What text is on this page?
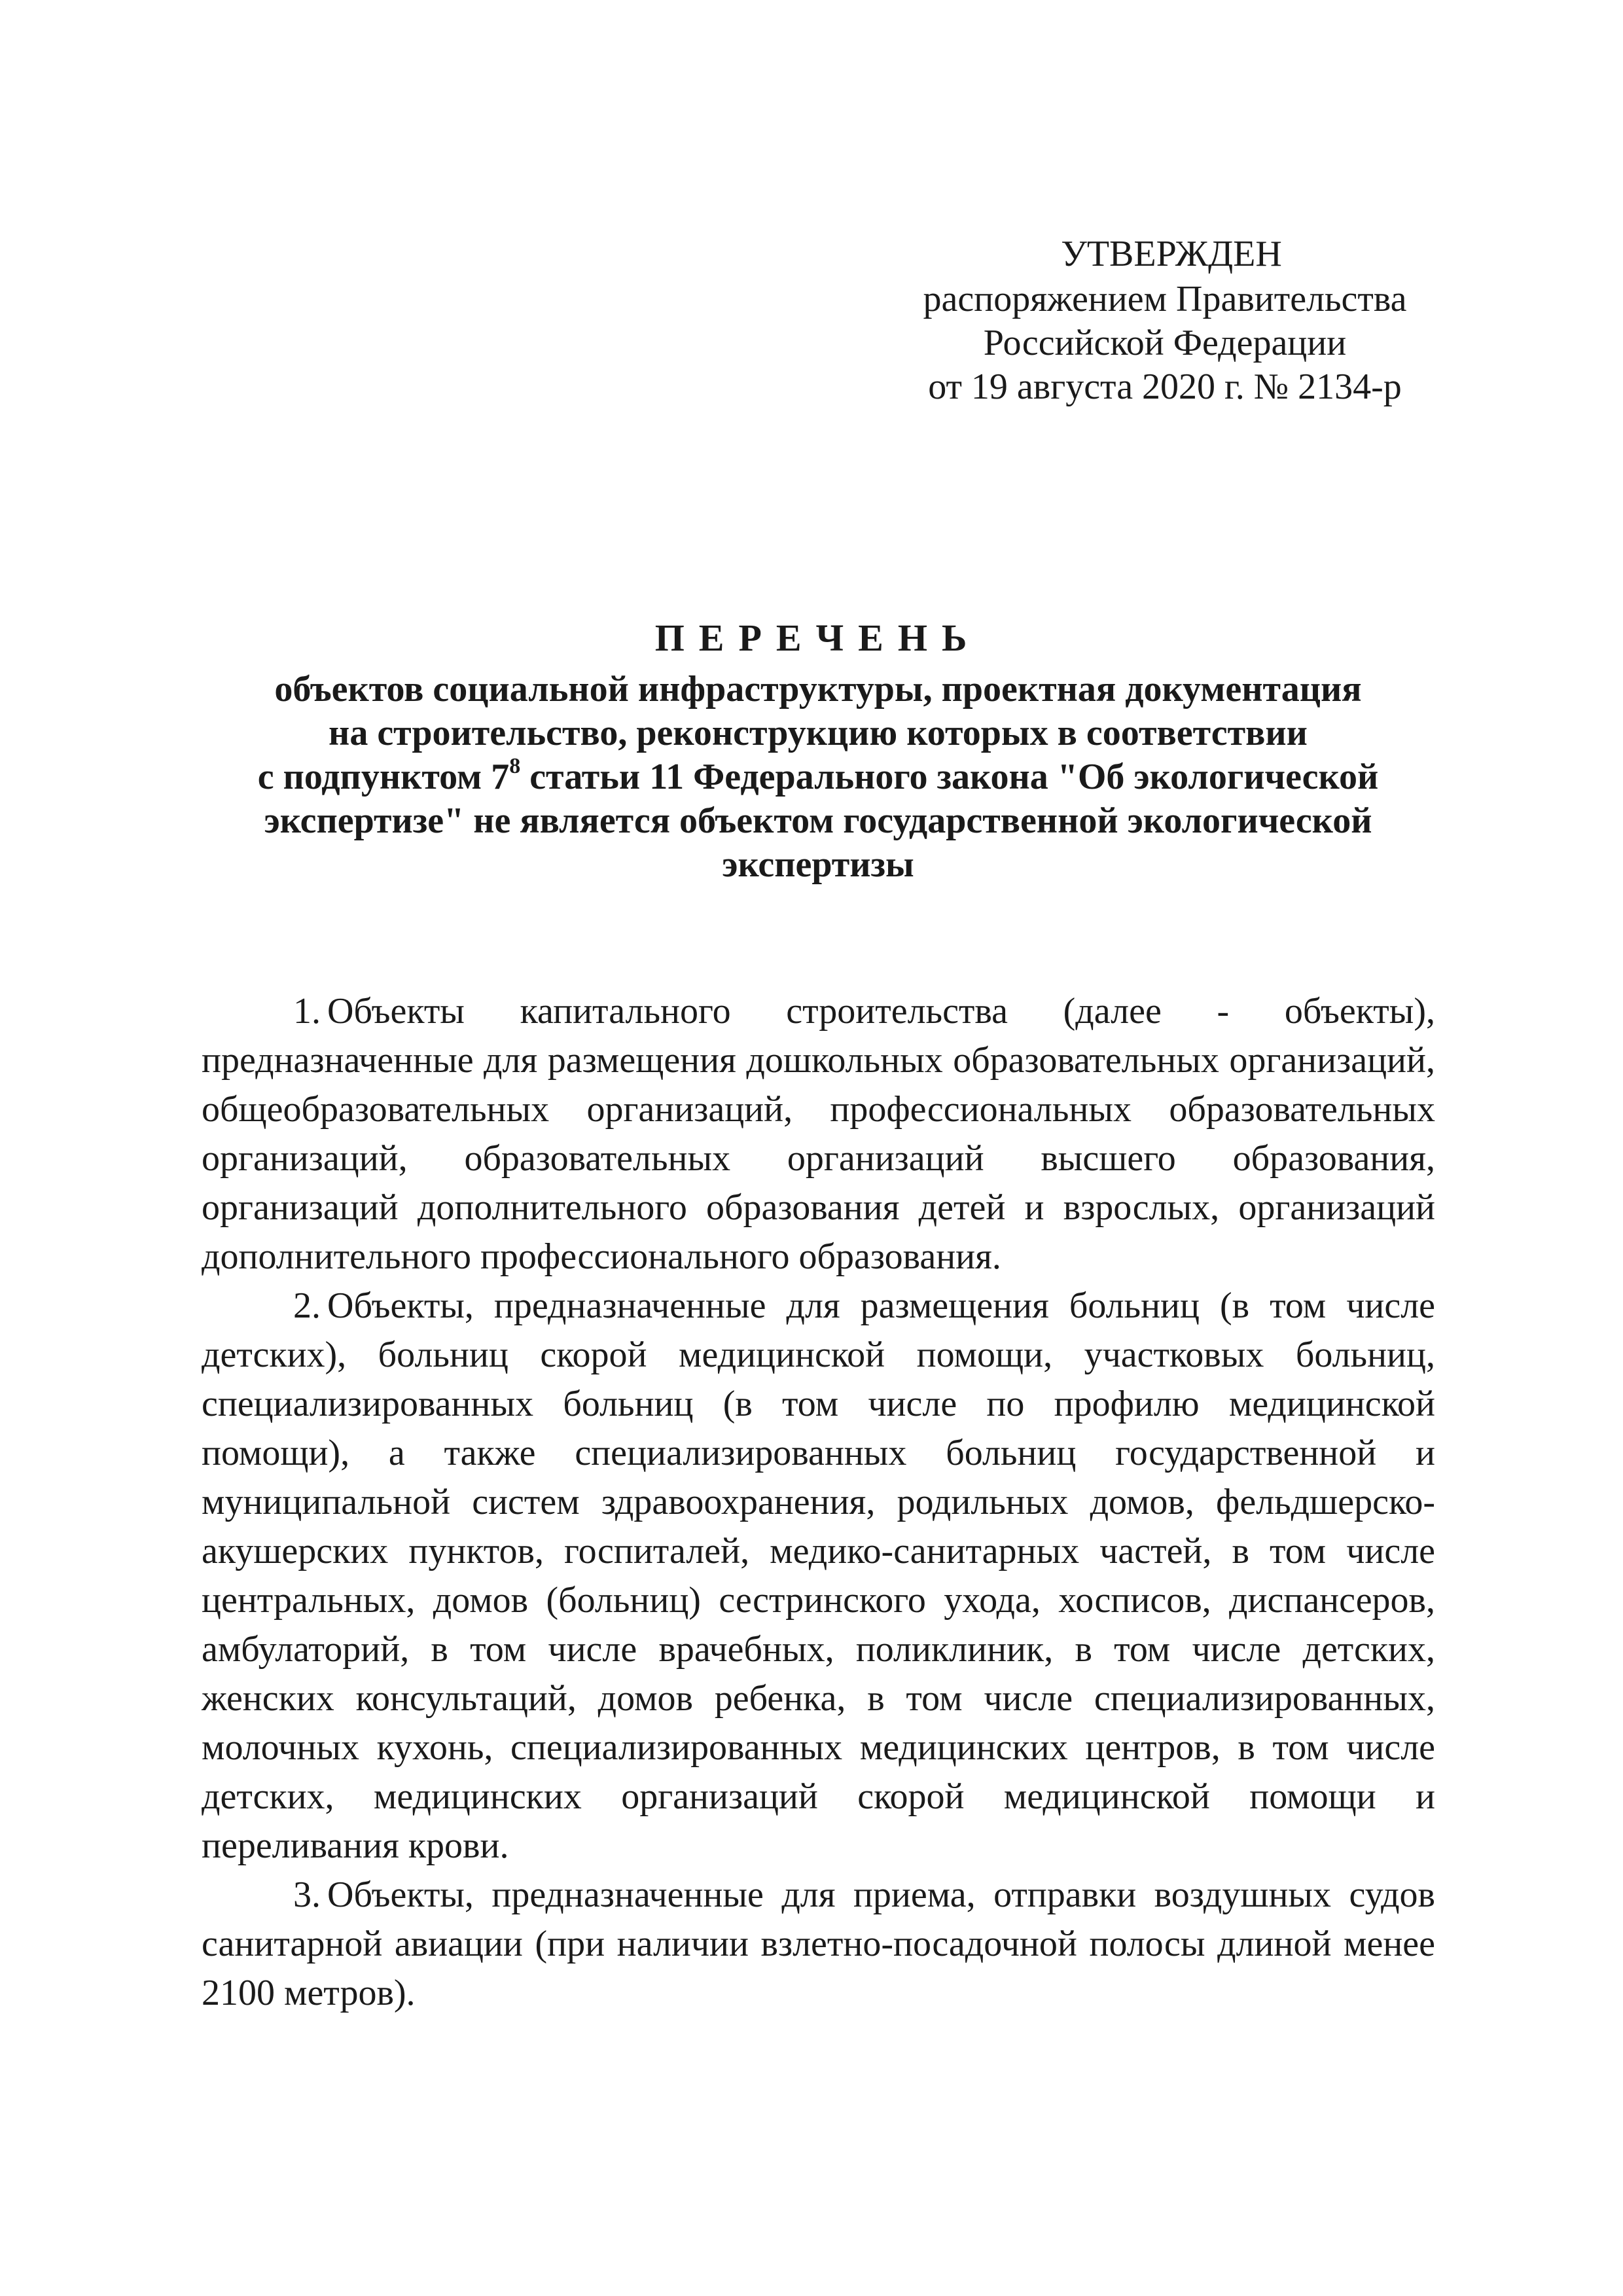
УТВЕРЖДЕН
распоряжением Правительства
Российской Федерации
от 19 августа 2020 г. № 2134-р
ПЕРЕЧЕНЬ
объектов социальной инфраструктуры, проектная документация
на строительство, реконструкцию которых в соответствии
с подпунктом $7^8$ статьи 11 Федерального закона "Об экологической
экспертизе" не является объектом государственной экологической
экспертизы

1. Объекты капитального строительства (далее - объекты), предназначенные для размещения дошкольных образовательных организаций, общеобразовательных организаций, профессиональных образовательных организаций, образовательных организаций высшего образования, организаций дополнительного образования детей и взрослых, организаций дополнительного профессионального образования.

2. Объекты, предназначенные для размещения больниц (в том числе детских), больниц скорой медицинской помощи, участковых больниц, специализированных больниц (в том числе по профилю медицинской помощи), а также специализированных больниц государственной и муниципальной систем здравоохранения, родильных домов, фельдшерско-акушерских пунктов, госпиталей, медико-санитарных частей, в том числе центральных, домов (больниц) сестринского ухода, хосписов, диспансеров, амбулаторий, в том числе врачебных, поликлиник, в том числе детских, женских консультаций, домов ребенка, в том числе специализированных, молочных кухонь, специализированных медицинских центров, в том числе детских, медицинских организаций скорой медицинской помощи и переливания крови.

3. Объекты, предназначенные для приема, отправки воздушных судов санитарной авиации (при наличии взлетно-посадочной полосы длиной менее 2100 метров).
